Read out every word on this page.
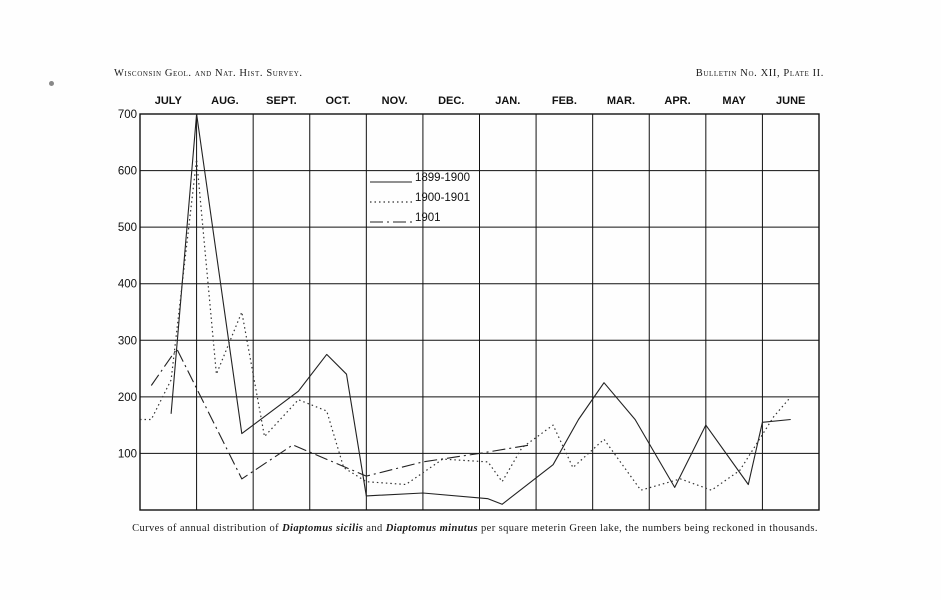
Wisconsin Geol. and Nat. Hist. Survey.	Bulletin No. XII, Plate II.
JULY	AUG.	SEPT.	OCT.	NOV.	DEC.	JAN.	FEB.	MAR.	APR.	MAY	JUNE
100
200
300
400
500
600
700
1899-1900
1900-1901
1901
Curves of annual distribution of Diaptomus sicilis and Diaptomus minutus per square meterin Green lake, the numbers being reckoned in thousands.
